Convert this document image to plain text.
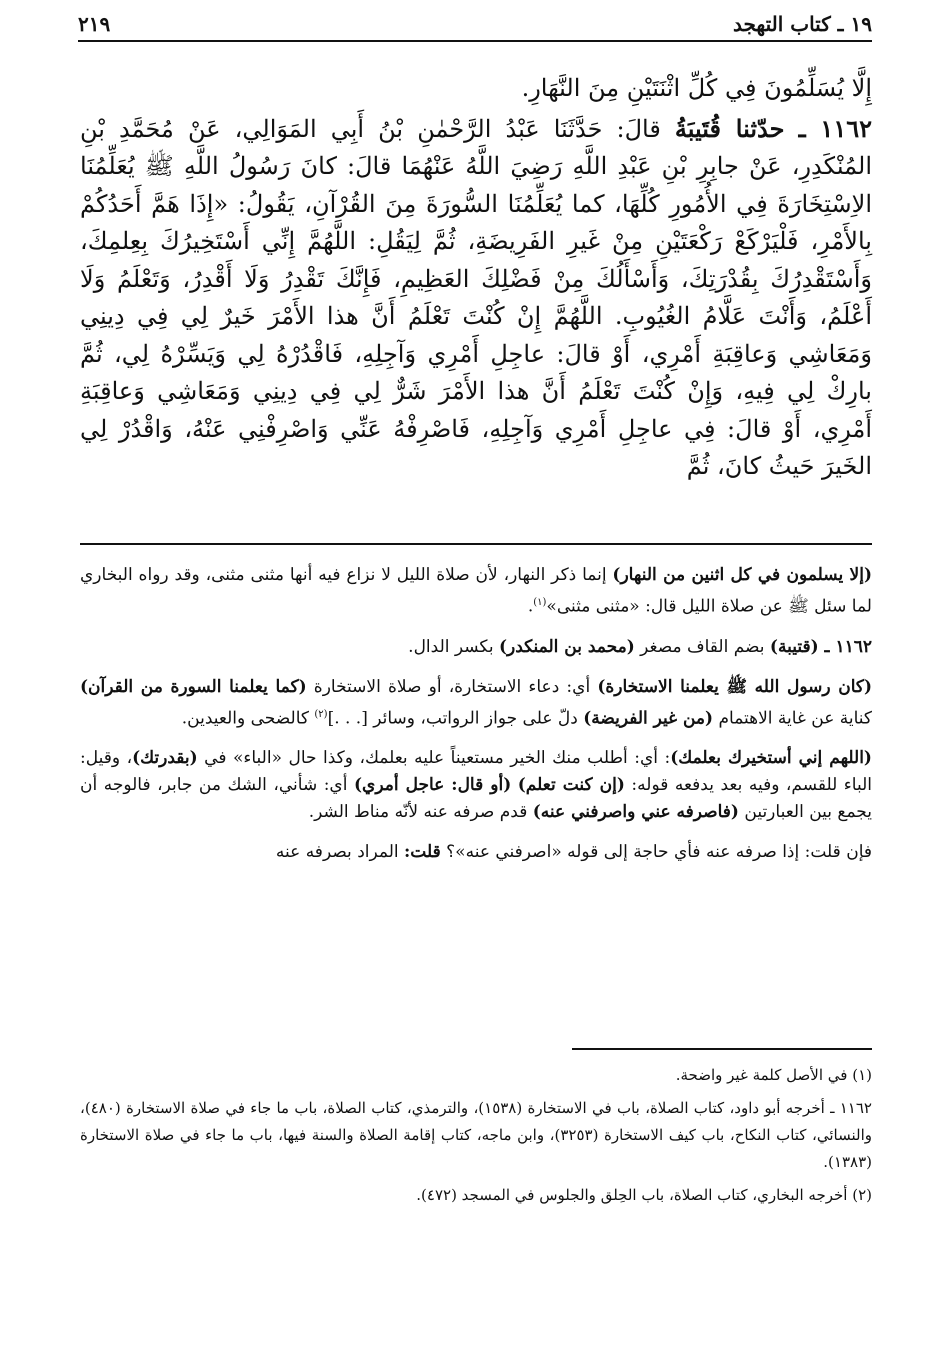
١٩ ـ كتاب التهجد
٢١٩

إِلَّا يُسَلِّمُونَ فِي كُلِّ اثْنَتَيْنِ مِنَ النَّهَارِ.

١١٦٢ ـ حدّثنا قُتَيبَةُ قالَ: حَدَّثَنَا عَبْدُ الرَّحْمٰنِ بْنُ أَبِي المَوَالِي، عَنْ مُحَمَّدِ بْنِ المُنْكَدِرِ، عَنْ جابِرِ بْنِ عَبْدِ اللَّهِ رَضِيَ اللَّهُ عَنْهُمَا قالَ: كانَ رَسُولُ اللَّهِ ﷺ يُعَلِّمُنَا الاِسْتِخَارَةَ فِي الأُمُورِ كُلِّهَا، كما يُعَلِّمُنَا السُّورَةَ مِنَ القُرْآنِ، يَقُولُ: «إِذَا هَمَّ أَحَدُكُمْ بِالأَمْرِ، فَلْيَرْكَعْ رَكْعَتَيْنِ مِنْ غَيرِ الفَرِيضَةِ، ثُمَّ لِيَقُلِ: اللَّهُمَّ إِنِّي أَسْتَخِيرُكَ بِعِلمِكَ، وَأَسْتَقْدِرُكَ بِقُدْرَتِكَ، وَأَسْأَلُكَ مِنْ فَضْلِكَ العَظِيمِ، فَإِنَّكَ تَقْدِرُ وَلَا أَقْدِرُ، وَتَعْلَمُ وَلَا أَعْلَمُ، وَأَنْتَ عَلَّامُ الغُيُوبِ. اللَّهُمَّ إِنْ كُنْتَ تَعْلَمُ أَنَّ هذا الأَمْرَ خَيرٌ لِي فِي دِينِي وَمَعَاشِي وَعاقِبَةِ أَمْرِي، أَوْ قالَ: عاجِلِ أَمْرِي وَآجِلِهِ، فَاقْدُرْهُ لِي وَيَسِّرْهُ لِي، ثُمَّ بارِكْ لِي فِيهِ، وَإِنْ كُنْتَ تَعْلَمُ أَنَّ هذا الأَمْرَ شَرٌّ لِي فِي دِينِي وَمَعَاشِي وَعاقِبَةِ أَمْرِي، أَوْ قالَ: فِي عاجِلِ أَمْرِي وَآجِلِهِ، فَاصْرِفْهُ عَنِّي وَاصْرِفْنِي عَنْهُ، وَاقْدُرْ لِي الخَيرَ حَيثُ كانَ، ثُمَّ

(إلا يسلمون في كل اثنين من النهار) إنما ذكر النهار، لأن صلاة الليل لا نزاع فيه أنها مثنى مثنى، وقد رواه البخاري لما سئل ﷺ عن صلاة الليل قال: «مثنى مثنى»$^{(١)}$.

١١٦٢ ـ (قتيبة) بضم القاف مصغر (محمد بن المنكدر) بكسر الدال.

(كان رسول الله ﷺ يعلمنا الاستخارة) أي: دعاء الاستخارة، أو صلاة الاستخارة (كما يعلمنا السورة من القرآن) كناية عن غاية الاهتمام (من غير الفريضة) دلّ على جواز الرواتب، وسائر [. . .]$^{(٢)}$ كالضحى والعيدين.

(اللهم إني أستخيرك بعلمك): أي: أطلب منك الخير مستعيناً عليه بعلمك، وكذا حال «الباء» في (بقدرتك)، وقيل: الباء للقسم، وفيه بعد يدفعه قوله: (إن كنت تعلم) (أو قال: عاجل أمري) أي: شأني، الشك من جابر، فالوجه أن يجمع بين العبارتين (فاصرفه عني واصرفني عنه) قدم صرفه عنه لأنّه مناط الشر.

فإن قلت: إذا صرفه عنه فأي حاجة إلى قوله «اصرفني عنه»؟ قلت: المراد بصرفه عنه

(١) في الأصل كلمة غير واضحة.

١١٦٢ ـ أخرجه أبو داود، كتاب الصلاة، باب في الاستخارة (١٥٣٨)، والترمذي، كتاب الصلاة، باب ما جاء في صلاة الاستخارة (٤٨٠)، والنسائي، كتاب النكاح، باب كيف الاستخارة (٣٢٥٣)، وابن ماجه، كتاب إقامة الصلاة والسنة فيها، باب ما جاء في صلاة الاستخارة (١٣٨٣).

(٢) أخرجه البخاري، كتاب الصلاة، باب الحِلق والجلوس في المسجد (٤٧٢).
